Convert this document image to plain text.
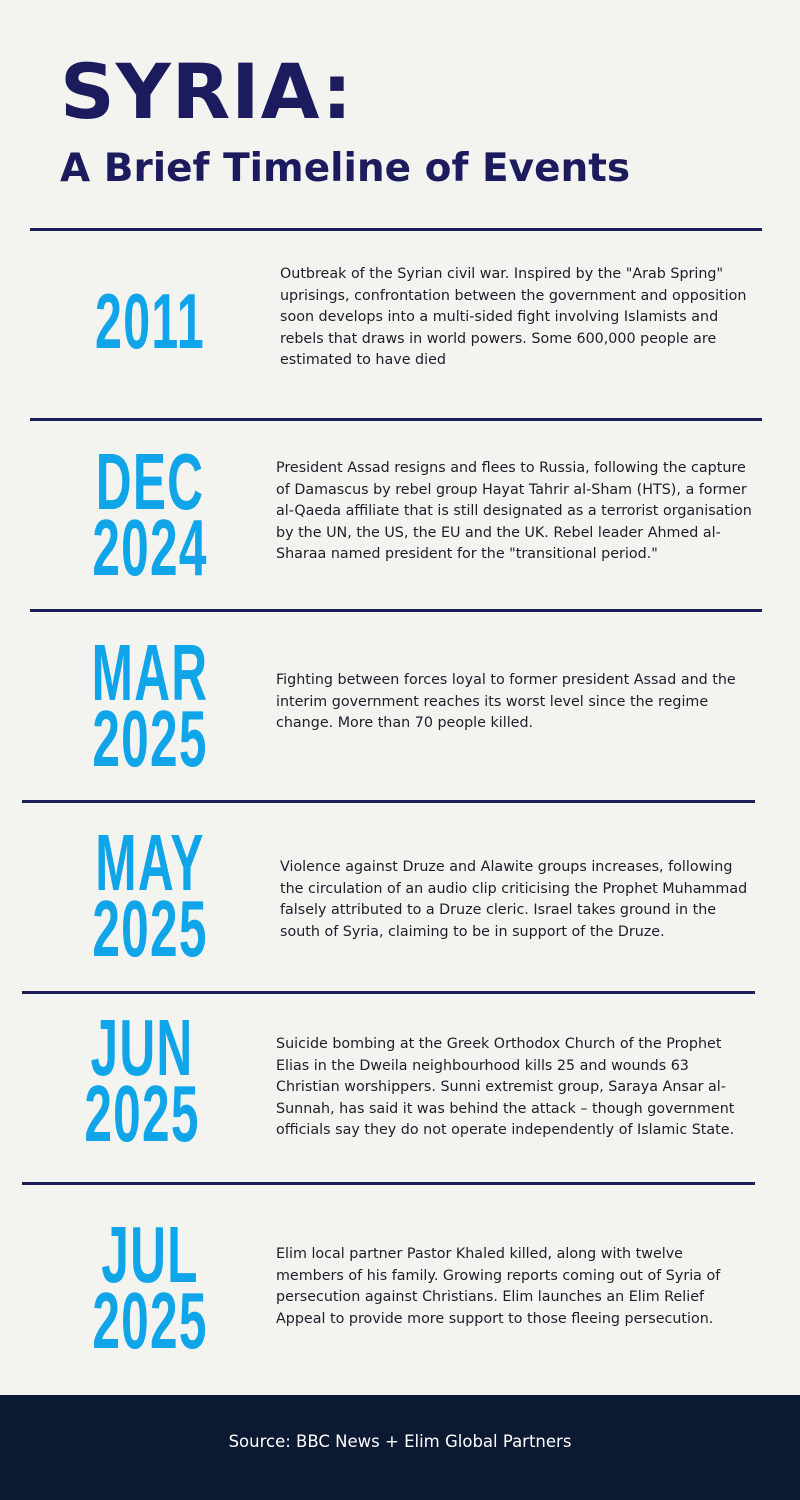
SYRIA:
A Brief Timeline of Events
2011
Outbreak of the Syrian civil war. Inspired by the "Arab Spring" uprisings, confrontation between the government and opposition soon develops into a multi-sided fight involving Islamists and rebels that draws in world powers. Some 600,000 people are estimated to have died
DEC
2024
President Assad resigns and flees to Russia, following the capture of Damascus by rebel group Hayat Tahrir al-Sham (HTS), a former al-Qaeda affiliate that is still designated as a terrorist organisation by the UN, the US, the EU and the UK. Rebel leader Ahmed al-Sharaa named president for the "transitional period."
MAR
2025
Fighting between forces loyal to former president Assad and the interim government reaches its worst level since the regime change. More than 70 people killed.
MAY
2025
Violence against Druze and Alawite groups increases, following the circulation of an audio clip criticising the Prophet Muhammad falsely attributed to a Druze cleric. Israel takes ground in the south of Syria, claiming to be in support of the Druze.
JUN
2025
Suicide bombing at the Greek Orthodox Church of the Prophet Elias in the Dweila neighbourhood kills 25 and wounds 63 Christian worshippers. Sunni extremist group, Saraya Ansar al-Sunnah, has said it was behind the attack – though government officials say they do not operate independently of Islamic State.
JUL
2025
Elim local partner Pastor Khaled killed, along with twelve members of his family. Growing reports coming out of Syria of persecution against Christians. Elim launches an Elim Relief Appeal to provide more support to those fleeing persecution.
Source: BBC News + Elim Global Partners
